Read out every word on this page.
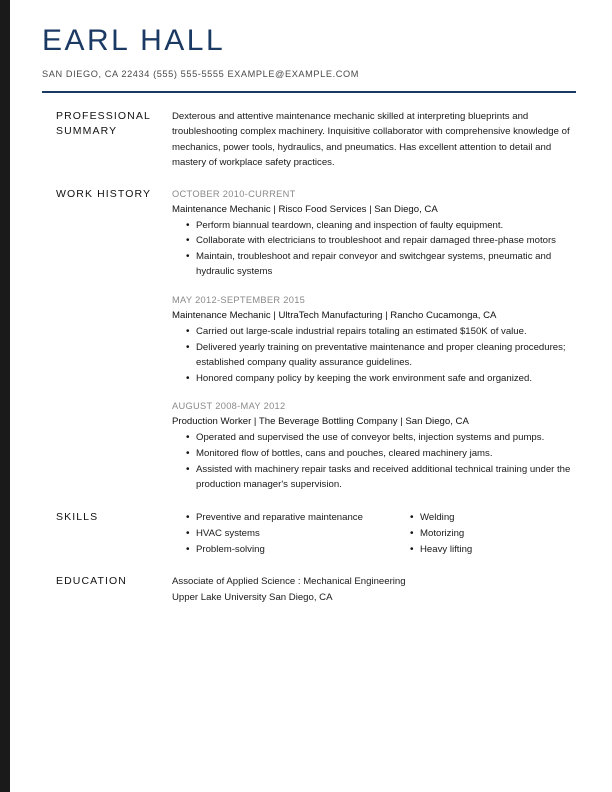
EARL HALL
SAN DIEGO, CA 22434 (555) 555-5555 EXAMPLE@EXAMPLE.COM
PROFESSIONAL SUMMARY
Dexterous and attentive maintenance mechanic skilled at interpreting blueprints and troubleshooting complex machinery. Inquisitive collaborator with comprehensive knowledge of mechanics, power tools, hydraulics, and pneumatics. Has excellent attention to detail and mastery of workplace safety practices.
WORK HISTORY	OCTOBER 2010-CURRENT
Maintenance Mechanic | Risco Food Services | San Diego, CA
• Perform biannual teardown, cleaning and inspection of faulty equipment.
• Collaborate with electricians to troubleshoot and repair damaged three-phase motors
• Maintain, troubleshoot and repair conveyor and switchgear systems, pneumatic and hydraulic systems
MAY 2012-SEPTEMBER 2015
Maintenance Mechanic | UltraTech Manufacturing | Rancho Cucamonga, CA
• Carried out large-scale industrial repairs totaling an estimated $150K of value.
• Delivered yearly training on preventative maintenance and proper cleaning procedures; established company quality assurance guidelines.
• Honored company policy by keeping the work environment safe and organized.
AUGUST 2008-MAY 2012
Production Worker | The Beverage Bottling Company | San Diego, CA
• Operated and supervised the use of conveyor belts, injection systems and pumps.
• Monitored flow of bottles, cans and pouches, cleared machinery jams.
• Assisted with machinery repair tasks and received additional technical training under the production manager's supervision.
SKILLS	• Preventive and reparative maintenance
• HVAC systems
• Problem-solving
• Welding
• Motorizing
• Heavy lifting
EDUCATION	Associate of Applied Science : Mechanical Engineering
Upper Lake University San Diego, CA
